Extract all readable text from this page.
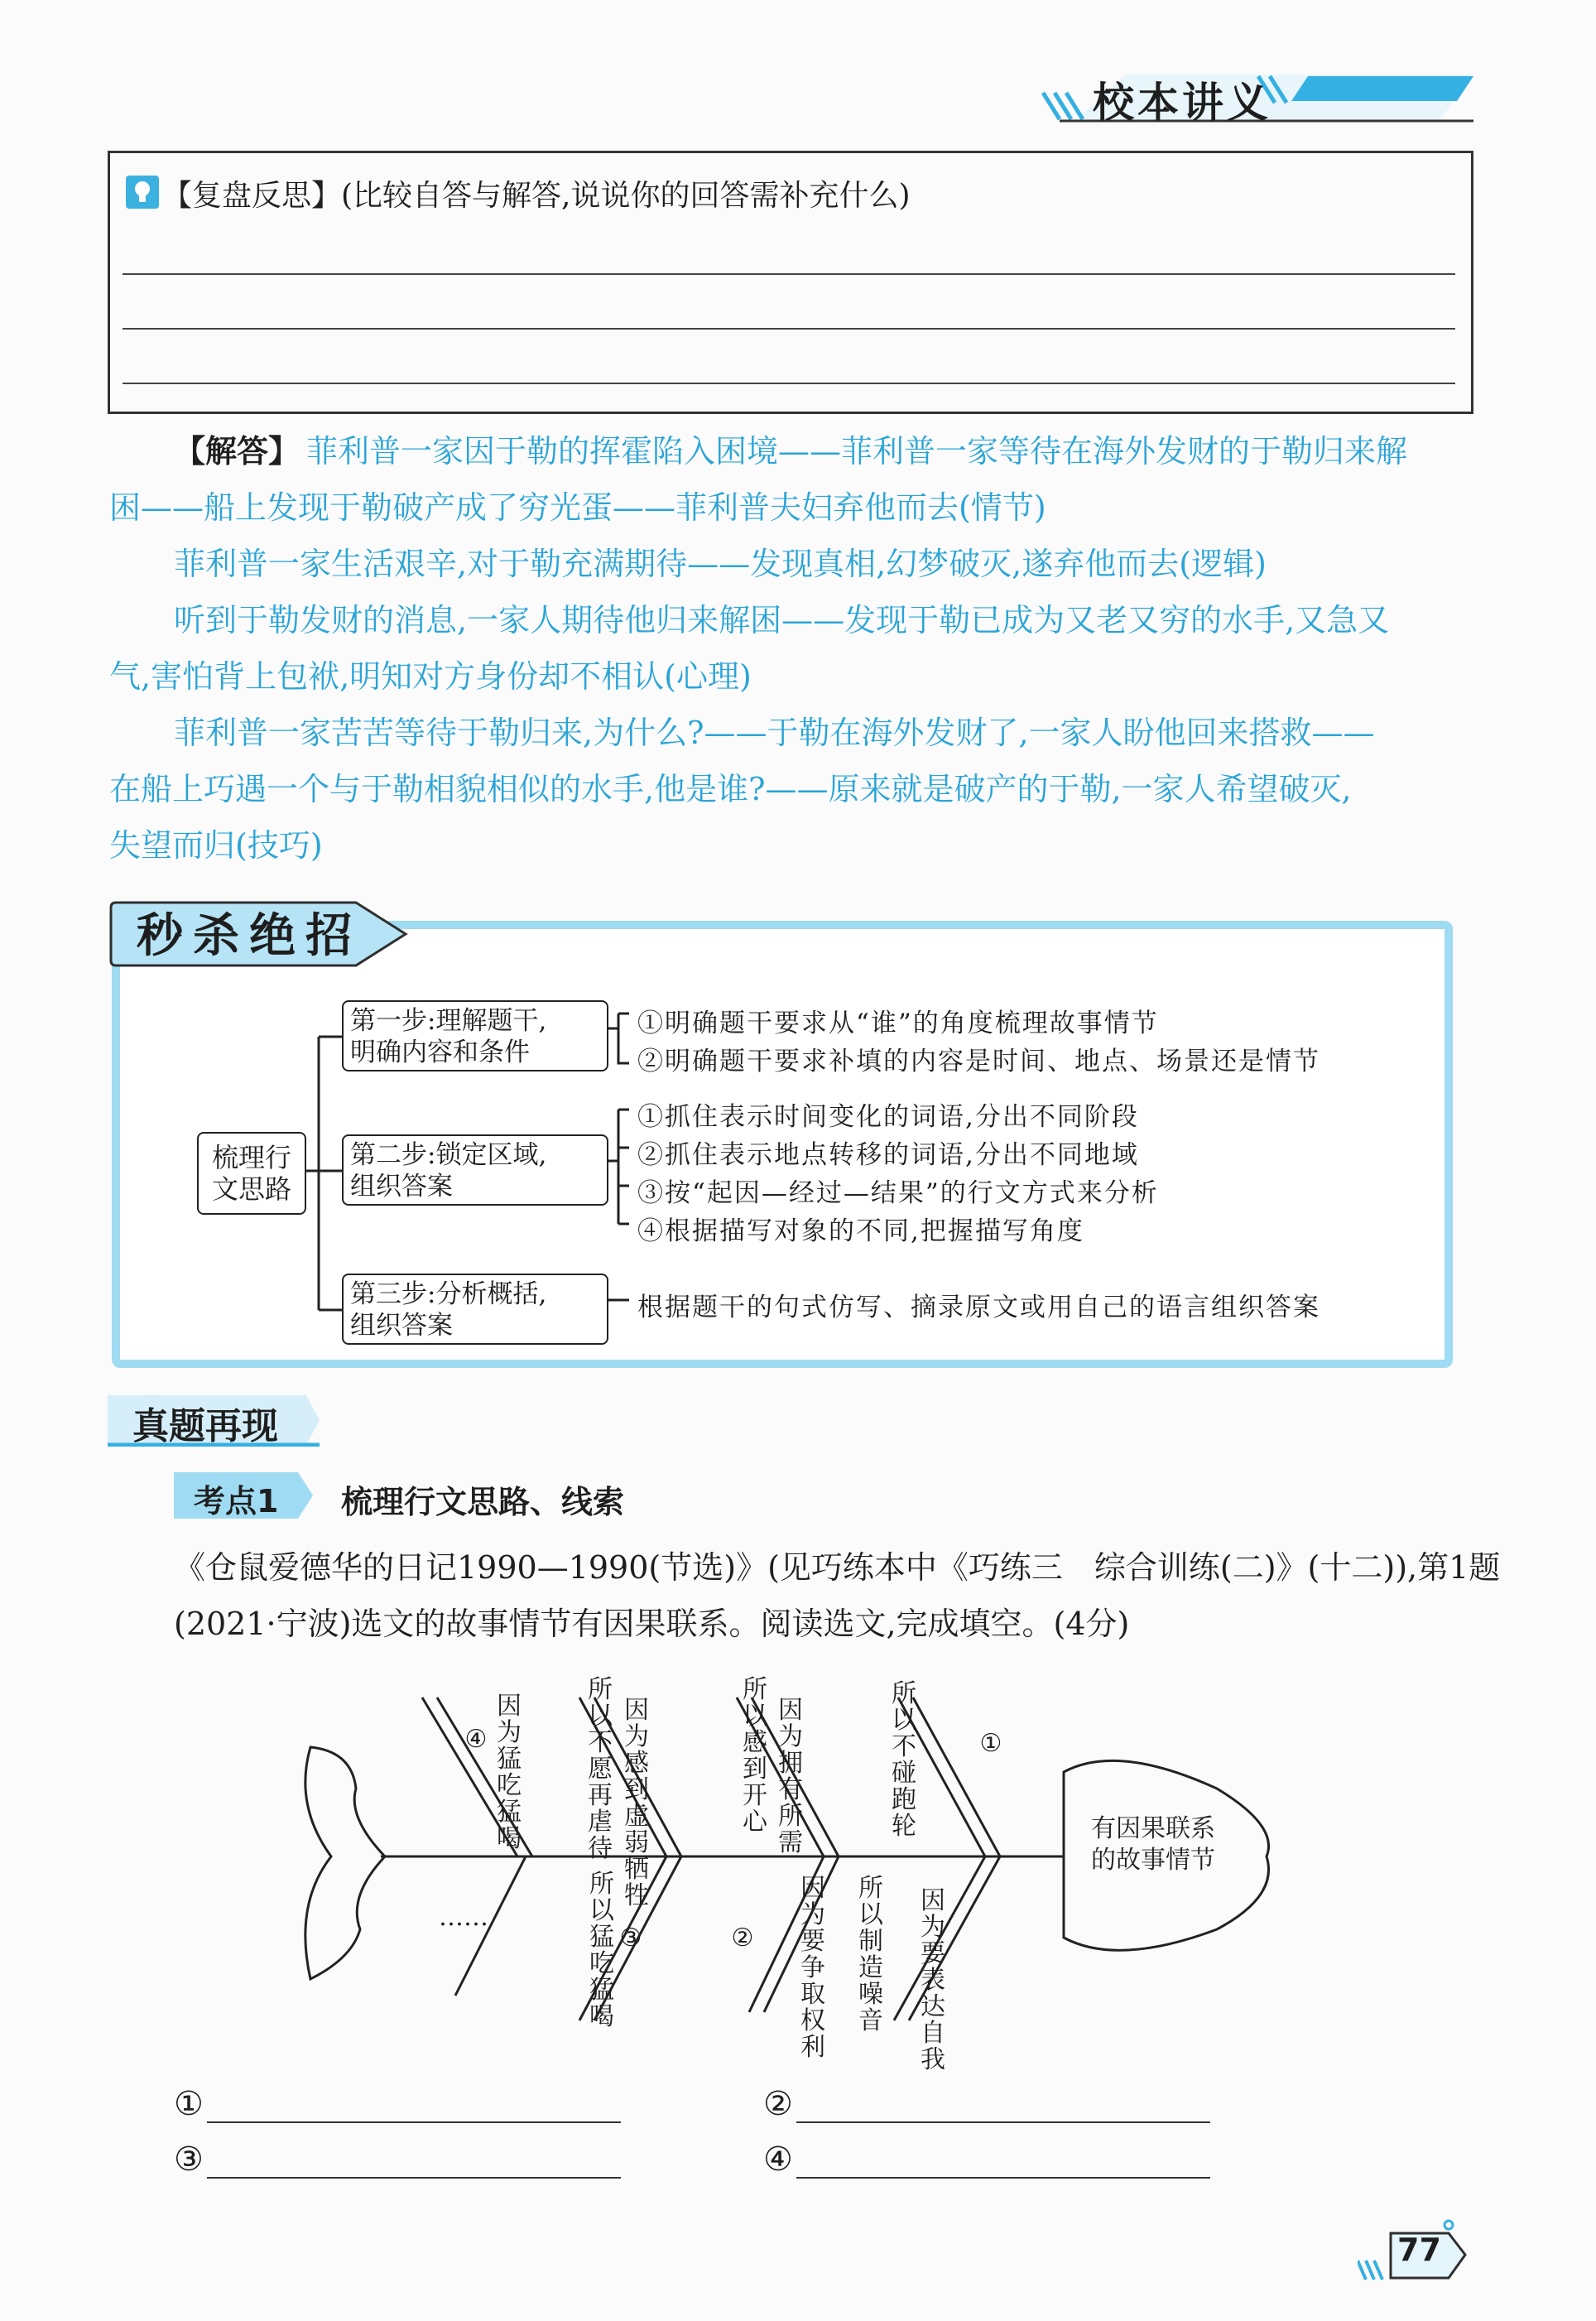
校本讲义
【复盘反思】(比较自答与解答,说说你的回答需补充什么)
【解答】 菲利普一家因于勒的挥霍陷入困境——菲利普一家等待在海外发财的于勒归来解
困——船上发现于勒破产成了穷光蛋——菲利普夫妇弃他而去(情节)
菲利普一家生活艰辛,对于勒充满期待——发现真相,幻梦破灭,遂弃他而去(逻辑)
听到于勒发财的消息,一家人期待他归来解困——发现于勒已成为又老又穷的水手,又急又
气,害怕背上包袱,明知对方身份却不相认(心理)
菲利普一家苦苦等待于勒归来,为什么?——于勒在海外发财了,一家人盼他回来搭救——
在船上巧遇一个与于勒相貌相似的水手,他是谁?——原来就是破产的于勒,一家人希望破灭,
失望而归(技巧)
秒杀绝招
梳理行
文思路
第一步:理解题干,
明确内容和条件
①明确题干要求从“谁”的角度梳理故事情节
②明确题干要求补填的内容是时间、地点、场景还是情节
第二步:锁定区域,
组织答案
①抓住表示时间变化的词语,分出不同阶段
②抓住表示地点转移的词语,分出不同地域
③按“起因—经过—结果”的行文方式来分析
④根据描写对象的不同,把握描写角度
第三步:分析概括,
组织答案
根据题干的句式仿写、摘录原文或用自己的语言组织答案
真题再现
考点1 梳理行文思路、线索
《仓鼠爱德华的日记1990—1990(节选)》(见巧练本中《巧练三　综合训练(二)》(十二)),第1题
(2021·宁波)选文的故事情节有因果联系。阅读选文,完成填空。(4分)
有因果联系
的故事情节
④
因为猛吃猛喝
所以不愿再虐待
因为感到虚弱牺牲
所以感到开心
因为拥有所需
所以不碰跑轮
①
……
所以猛吃猛喝
③	②
因为要争取权利
所以制造噪音
因为要表达自我
①	②
③	④
77
